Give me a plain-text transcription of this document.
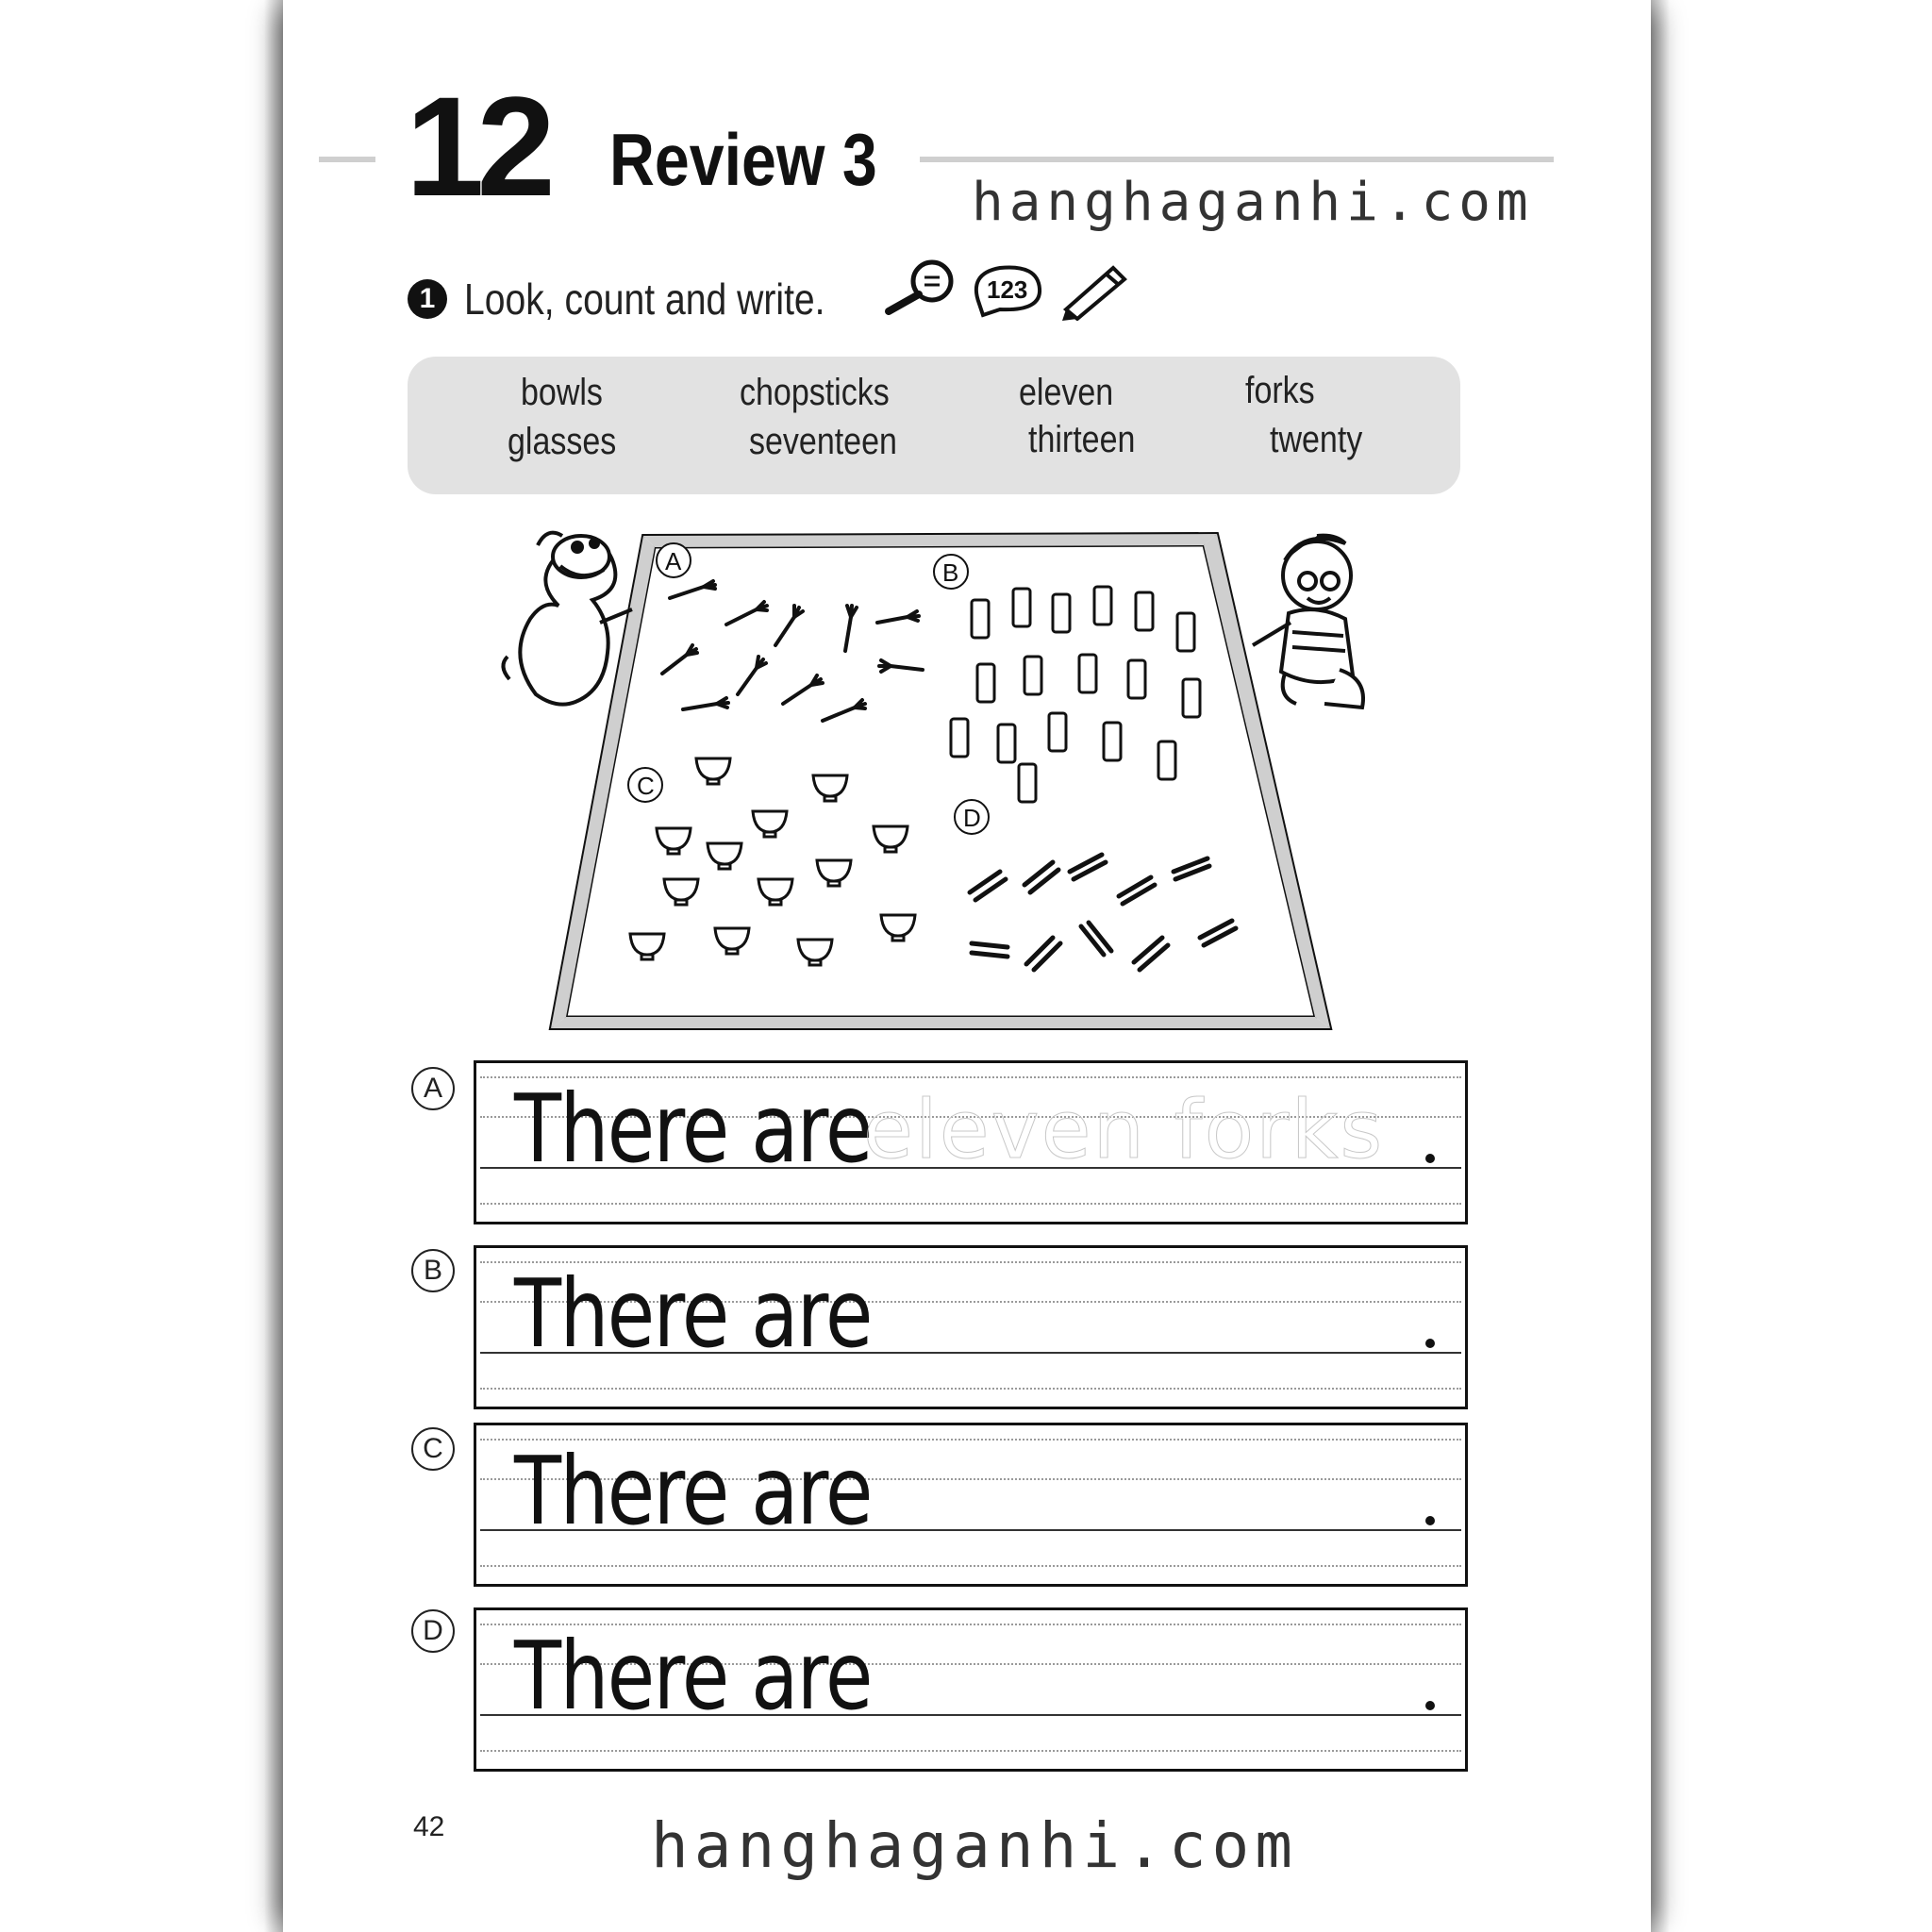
12 Review 3
hanghaganhi.com
1 Look, count and write.	123
bowls	chopsticks	eleven	forks
glasses	seventeen	thirteen	twenty
A	B
C
D
A There are
eleven forks
B There are
C There are
D There are
42	hanghaganhi.com
